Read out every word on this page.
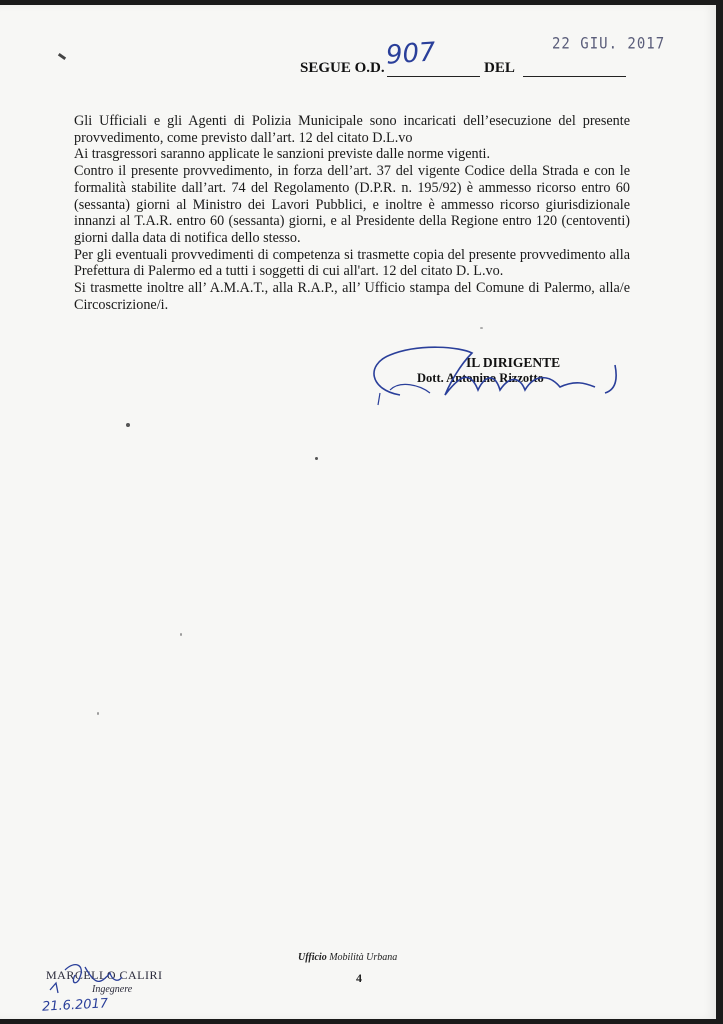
SEGUE O.D. 907	DEL
22 GIU. 2017

Gli Ufficiali e gli Agenti di Polizia Municipale sono incaricati dell’esecuzione del presente provvedimento, come previsto dall’art. 12 del citato D.L.vo

Ai trasgressori saranno applicate le sanzioni previste dalle norme vigenti.

Contro il presente provvedimento, in forza dell’art. 37 del vigente Codice della Strada e con le formalità stabilite dall’art. 74 del Regolamento (D.P.R. n. 195/92) è ammesso ricorso entro 60 (sessanta) giorni al Ministro dei Lavori Pubblici, e inoltre è ammesso ricorso giurisdizionale innanzi al T.A.R. entro 60 (sessanta) giorni, e al Presidente della Regione entro 120 (centoventi) giorni dalla data di notifica dello stesso.

Per gli eventuali provvedimenti di competenza si trasmette copia del presente provvedimento alla Prefettura di Palermo ed a tutti i soggetti di cui all'art. 12 del citato D. L.vo.

Si trasmette inoltre all’ A.M.A.T., alla R.A.P., all’ Ufficio stampa del Comune di Palermo, alla/e Circoscrizione/i.

IL DIRIGENTE
Dott. Antonino Rizzotto
Ufficio Mobilità Urbana
4
MARCELLO CALIRI
Ingegnere
21.6.2017
